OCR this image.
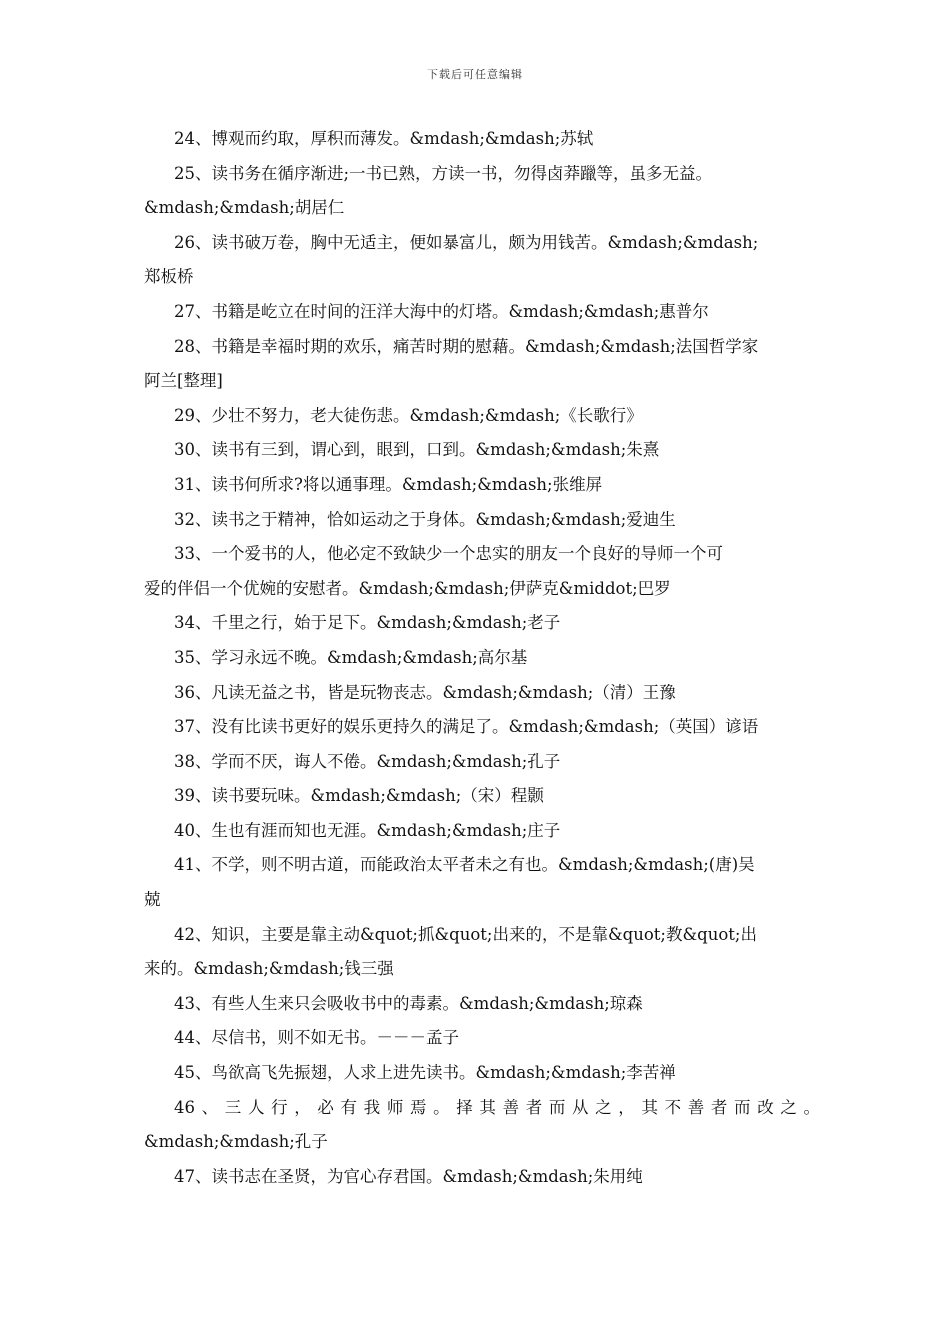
下载后可任意编辑
24、博观而约取，厚积而薄发。&mdash;&mdash;苏轼
25、读书务在循序渐进;一书已熟，方读一书，勿得卤莽躐等，虽多无益。
&mdash;&mdash;胡居仁
26、读书破万卷，胸中无适主，便如暴富儿，颇为用钱苦。&mdash;&mdash;
郑板桥
27、书籍是屹立在时间的汪洋大海中的灯塔。&mdash;&mdash;惠普尔
28、书籍是幸福时期的欢乐，痛苦时期的慰藉。&mdash;&mdash;法国哲学家
阿兰[整理]
29、少壮不努力，老大徒伤悲。&mdash;&mdash;《长歌行》
30、读书有三到，谓心到，眼到，口到。&mdash;&mdash;朱熹
31、读书何所求?将以通事理。&mdash;&mdash;张维屏
32、读书之于精神，恰如运动之于身体。&mdash;&mdash;爱迪生
33、一个爱书的人，他必定不致缺少一个忠实的朋友一个良好的导师一个可
爱的伴侣一个优婉的安慰者。&mdash;&mdash;伊萨克&middot;巴罗
34、千里之行，始于足下。&mdash;&mdash;老子
35、学习永远不晚。&mdash;&mdash;高尔基
36、凡读无益之书，皆是玩物丧志。&mdash;&mdash;（清）王豫
37、没有比读书更好的娱乐更持久的满足了。&mdash;&mdash;（英国）谚语
38、学而不厌，诲人不倦。&mdash;&mdash;孔子
39、读书要玩味。&mdash;&mdash;（宋）程颢
40、生也有涯而知也无涯。&mdash;&mdash;庄子
41、不学，则不明古道，而能政治太平者未之有也。&mdash;&mdash;(唐)吴
兢
42、知识，主要是靠主动&quot;抓&quot;出来的，不是靠&quot;教&quot;出
来的。&mdash;&mdash;钱三强
43、有些人生来只会吸收书中的毒素。&mdash;&mdash;琼森
44、尽信书，则不如无书。－－－孟子
45、鸟欲高飞先振翅，人求上进先读书。&mdash;&mdash;李苦禅
46、三人行，必有我师焉。择其善者而从之，其不善者而改之。
&mdash;&mdash;孔子
47、读书志在圣贤，为官心存君国。&mdash;&mdash;朱用纯
